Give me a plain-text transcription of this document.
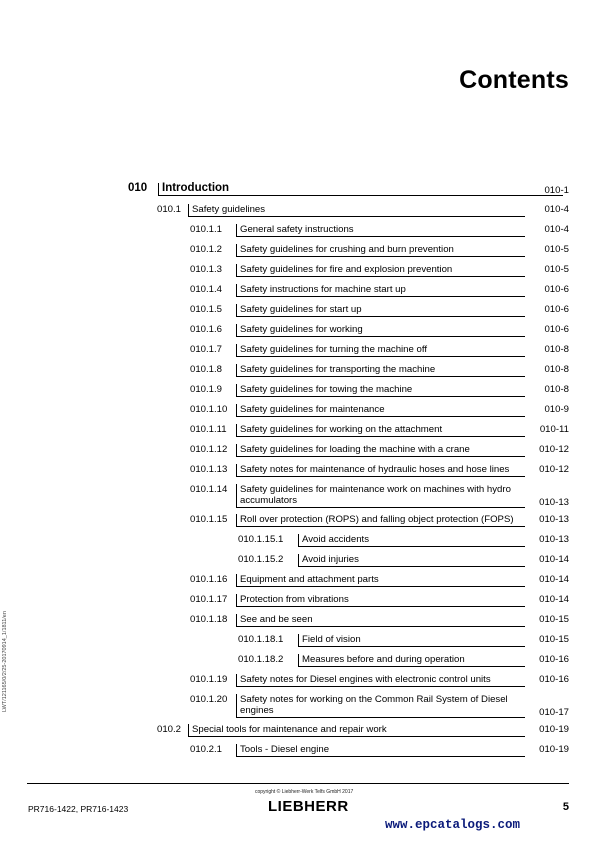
Contents
010	Introduction	010-1
010.1	Safety guidelines	010-4
010.1.1	General safety instructions	010-4
010.1.2	Safety guidelines for crushing and burn prevention	010-5
010.1.3	Safety guidelines for fire and explosion prevention	010-5
010.1.4	Safety instructions for machine start up	010-6
010.1.5	Safety guidelines for start up	010-6
010.1.6	Safety guidelines for working	010-6
010.1.7	Safety guidelines for turning the machine off	010-8
010.1.8	Safety guidelines for transporting the machine	010-8
010.1.9	Safety guidelines for towing the machine	010-8
010.1.10	Safety guidelines for maintenance	010-9
010.1.11	Safety guidelines for working on the attachment	010-11
010.1.12	Safety guidelines for loading the machine with a crane	010-12
010.1.13	Safety notes for maintenance of hydraulic hoses and hose lines	010-12
010.1.14	Safety guidelines for maintenance work on machines with hydro accumulators	010-13
010.1.15	Roll over protection (ROPS) and falling object protection (FOPS)	010-13
010.1.15.1	Avoid accidents	010-13
010.1.15.2	Avoid injuries	010-14
010.1.16	Equipment and attachment parts	010-14
010.1.17	Protection from vibrations	010-14
010.1.18	See and be seen	010-15
010.1.18.1	Field of vision	010-15
010.1.18.2	Measures before and during operation	010-16
010.1.19	Safety notes for Diesel engines with electronic control units	010-16
010.1.20	Safety notes for working on the Common Rail System of Diesel engines	010-17
010.2	Special tools for maintenance and repair work	010-19
010.2.1	Tools - Diesel engine	010-19
LWT/121165/0/2/25-20170914_1/1811/en
copyright © Liebherr-Werk Telfs GmbH 2017
PR716-1422, PR716-1423	LIEBHERR	5
www.epcatalogs.com
